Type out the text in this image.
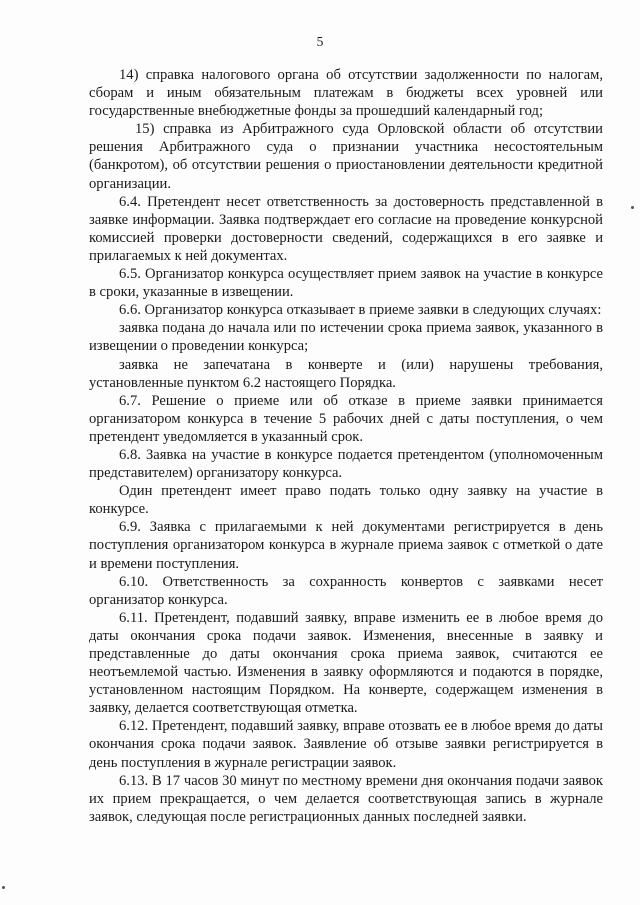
5

14) справка налогового органа об отсутствии задолженности по налогам, сборам и иным обязательным платежам в бюджеты всех уровней или государственные внебюджетные фонды за прошедший календарный год;

15) справка из Арбитражного суда Орловской области об отсутствии решения Арбитражного суда о признании участника несостоятельным (банкротом), об отсутствии решения о приостановлении деятельности кредитной организации.

6.4. Претендент несет ответственность за достоверность представленной в заявке информации. Заявка подтверждает его согласие на проведение конкурсной комиссией проверки достоверности сведений, содержащихся в его заявке и прилагаемых к ней документах.

6.5. Организатор конкурса осуществляет прием заявок на участие в конкурсе в сроки, указанные в извещении.

6.6. Организатор конкурса отказывает в приеме заявки в следующих случаях:

заявка подана до начала или по истечении срока приема заявок, указанного в извещении о проведении конкурса;

заявка не запечатана в конверте и (или) нарушены требования, установленные пунктом 6.2 настоящего Порядка.

6.7. Решение о приеме или об отказе в приеме заявки принимается организатором конкурса в течение 5 рабочих дней с даты поступления, о чем претендент уведомляется в указанный срок.

6.8. Заявка на участие в конкурсе подается претендентом (уполномоченным представителем) организатору конкурса.

Один претендент имеет право подать только одну заявку на участие в конкурсе.

6.9. Заявка с прилагаемыми к ней документами регистрируется в день поступления организатором конкурса в журнале приема заявок с отметкой о дате и времени поступления.

6.10. Ответственность за сохранность конвертов с заявками несет организатор конкурса.

6.11. Претендент, подавший заявку, вправе изменить ее в любое время до даты окончания срока подачи заявок. Изменения, внесенные в заявку и представленные до даты окончания срока приема заявок, считаются ее неотъемлемой частью. Изменения в заявку оформляются и подаются в порядке, установленном настоящим Порядком. На конверте, содержащем изменения в заявку, делается соответствующая отметка.

6.12. Претендент, подавший заявку, вправе отозвать ее в любое время до даты окончания срока подачи заявок. Заявление об отзыве заявки регистрируется в день поступления в журнале регистрации заявок.

6.13. В 17 часов 30 минут по местному времени дня окончания подачи заявок их прием прекращается, о чем делается соответствующая запись в журнале заявок, следующая после регистрационных данных последней заявки.
